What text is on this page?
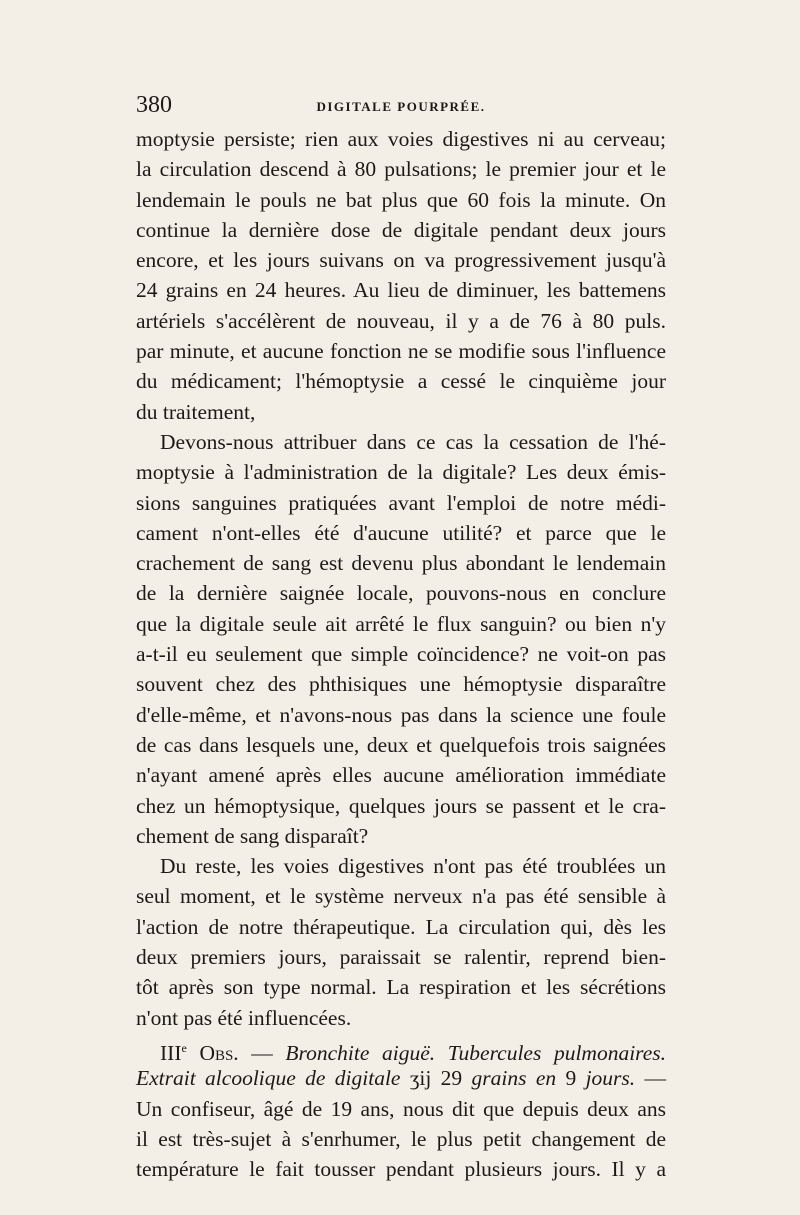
380	DIGITALE POURPRÉE.
moptysie persiste; rien aux voies digestives ni au cerveau;
la circulation descend à 80 pulsations; le premier jour et le
lendemain le pouls ne bat plus que 60 fois la minute. On
continue la dernière dose de digitale pendant deux jours
encore, et les jours suivans on va progressivement jusqu'à
24 grains en 24 heures. Au lieu de diminuer, les battemens
artériels s'accélèrent de nouveau, il y a de 76 à 80 puls.
par minute, et aucune fonction ne se modifie sous l'influence
du médicament; l'hémoptysie a cessé le cinquième jour
du traitement,
Devons-nous attribuer dans ce cas la cessation de l'hé-
moptysie à l'administration de la digitale? Les deux émis-
sions sanguines pratiquées avant l'emploi de notre médi-
cament n'ont-elles été d'aucune utilité? et parce que le
crachement de sang est devenu plus abondant le lendemain
de la dernière saignée locale, pouvons-nous en conclure
que la digitale seule ait arrêté le flux sanguin? ou bien n'y
a-t-il eu seulement que simple coïncidence? ne voit-on pas
souvent chez des phthisiques une hémoptysie disparaître
d'elle-même, et n'avons-nous pas dans la science une foule
de cas dans lesquels une, deux et quelquefois trois saignées
n'ayant amené après elles aucune amélioration immédiate
chez un hémoptysique, quelques jours se passent et le cra-
chement de sang disparaît?
Du reste, les voies digestives n'ont pas été troublées un
seul moment, et le système nerveux n'a pas été sensible à
l'action de notre thérapeutique. La circulation qui, dès les
deux premiers jours, paraissait se ralentir, reprend bien-
tôt après son type normal. La respiration et les sécrétions
n'ont pas été influencées.
IIIe Obs. — Bronchite aiguë. Tubercules pulmonaires.
Extrait alcoolique de digitale ʒij 29 grains en 9 jours. —
Un confiseur, âgé de 19 ans, nous dit que depuis deux ans
il est très-sujet à s'enrhumer, le plus petit changement de
température le fait tousser pendant plusieurs jours. Il y a
